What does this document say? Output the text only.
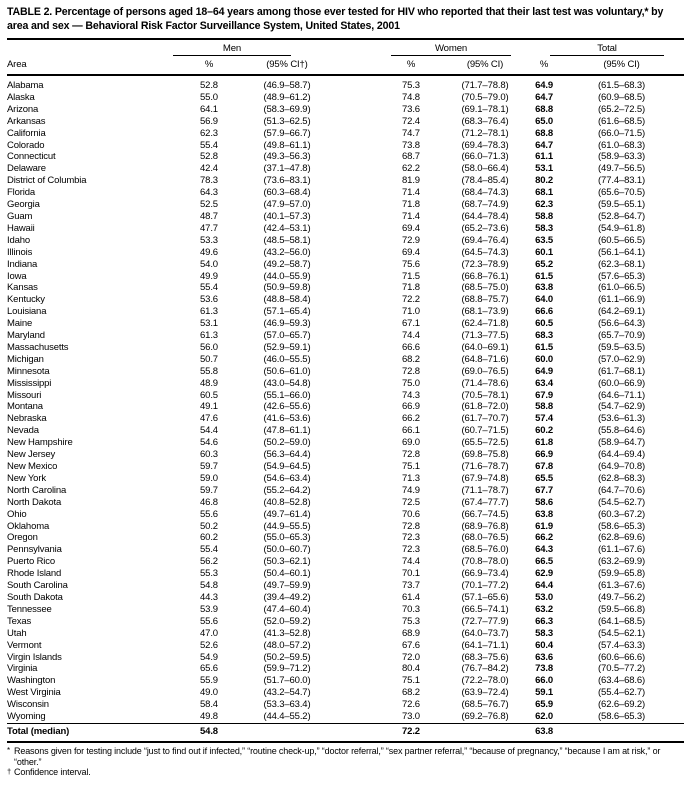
TABLE 2. Percentage of persons aged 18–64 years among those ever tested for HIV who reported that their last test was voluntary,* by area and sex — Behavioral Risk Factor Surveillance System, United States, 2001

	Men			Women		Total	

Area	%	(95% CI†)		%	(95% CI)	%	(95% CI)
Alabama	52.8	(46.9–58.7)		75.3	(71.7–78.8)	64.9	(61.5–68.3)
Alaska	55.0	(48.9–61.2)		74.8	(70.5–79.0)	64.7	(60.9–68.5)
Arizona	64.1	(58.3–69.9)		73.6	(69.1–78.1)	68.8	(65.2–72.5)
Arkansas	56.9	(51.3–62.5)		72.4	(68.3–76.4)	65.0	(61.6–68.5)
California	62.3	(57.9–66.7)		74.7	(71.2–78.1)	68.8	(66.0–71.5)
Colorado	55.4	(49.8–61.1)		73.8	(69.4–78.3)	64.7	(61.0–68.3)
Connecticut	52.8	(49.3–56.3)		68.7	(66.0–71.3)	61.1	(58.9–63.3)
Delaware	42.4	(37.1–47.8)		62.2	(58.0–66.4)	53.1	(49.7–56.5)
District of Columbia	78.3	(73.6–83.1)		81.9	(78.4–85.4)	80.2	(77.4–83.1)
Florida	64.3	(60.3–68.4)		71.4	(68.4–74.3)	68.1	(65.6–70.5)
Georgia	52.5	(47.9–57.0)		71.8	(68.7–74.9)	62.3	(59.5–65.1)
Guam	48.7	(40.1–57.3)		71.4	(64.4–78.4)	58.8	(52.8–64.7)
Hawaii	47.7	(42.4–53.1)		69.4	(65.2–73.6)	58.3	(54.9–61.8)
Idaho	53.3	(48.5–58.1)		72.9	(69.4–76.4)	63.5	(60.5–66.5)
Illinois	49.6	(43.2–56.0)		69.4	(64.5–74.3)	60.1	(56.1–64.1)
Indiana	54.0	(49.2–58.7)		75.6	(72.3–78.9)	65.2	(62.3–68.1)
Iowa	49.9	(44.0–55.9)		71.5	(66.8–76.1)	61.5	(57.6–65.3)
Kansas	55.4	(50.9–59.8)		71.8	(68.5–75.0)	63.8	(61.0–66.5)
Kentucky	53.6	(48.8–58.4)		72.2	(68.8–75.7)	64.0	(61.1–66.9)
Louisiana	61.3	(57.1–65.4)		71.0	(68.1–73.9)	66.6	(64.2–69.1)
Maine	53.1	(46.9–59.3)		67.1	(62.4–71.8)	60.5	(56.6–64.3)
Maryland	61.3	(57.0–65.7)		74.4	(71.3–77.5)	68.3	(65.7–70.9)
Massachusetts	56.0	(52.9–59.1)		66.6	(64.0–69.1)	61.5	(59.5–63.5)
Michigan	50.7	(46.0–55.5)		68.2	(64.8–71.6)	60.0	(57.0–62.9)
Minnesota	55.8	(50.6–61.0)		72.8	(69.0–76.5)	64.9	(61.7–68.1)
Mississippi	48.9	(43.0–54.8)		75.0	(71.4–78.6)	63.4	(60.0–66.9)
Missouri	60.5	(55.1–66.0)		74.3	(70.5–78.1)	67.9	(64.6–71.1)
Montana	49.1	(42.6–55.6)		66.9	(61.8–72.0)	58.8	(54.7–62.9)
Nebraska	47.6	(41.6–53.6)		66.2	(61.7–70.7)	57.4	(53.6–61.3)
Nevada	54.4	(47.8–61.1)		66.1	(60.7–71.5)	60.2	(55.8–64.6)
New Hampshire	54.6	(50.2–59.0)		69.0	(65.5–72.5)	61.8	(58.9–64.7)
New Jersey	60.3	(56.3–64.4)		72.8	(69.8–75.8)	66.9	(64.4–69.4)
New Mexico	59.7	(54.9–64.5)		75.1	(71.6–78.7)	67.8	(64.9–70.8)
New York	59.0	(54.6–63.4)		71.3	(67.9–74.8)	65.5	(62.8–68.3)
North Carolina	59.7	(55.2–64.2)		74.9	(71.1–78.7)	67.7	(64.7–70.6)
North Dakota	46.8	(40.8–52.8)		72.5	(67.4–77.7)	58.6	(54.5–62.7)
Ohio	55.6	(49.7–61.4)		70.6	(66.7–74.5)	63.8	(60.3–67.2)
Oklahoma	50.2	(44.9–55.5)		72.8	(68.9–76.8)	61.9	(58.6–65.3)
Oregon	60.2	(55.0–65.3)		72.3	(68.0–76.5)	66.2	(62.8–69.6)
Pennsylvania	55.4	(50.0–60.7)		72.3	(68.5–76.0)	64.3	(61.1–67.6)
Puerto Rico	56.2	(50.3–62.1)		74.4	(70.8–78.0)	66.5	(63.2–69.9)
Rhode Island	55.3	(50.4–60.1)		70.1	(66.9–73.4)	62.9	(59.9–65.8)
South Carolina	54.8	(49.7–59.9)		73.7	(70.1–77.2)	64.4	(61.3–67.6)
South Dakota	44.3	(39.4–49.2)		61.4	(57.1–65.6)	53.0	(49.7–56.2)
Tennessee	53.9	(47.4–60.4)		70.3	(66.5–74.1)	63.2	(59.5–66.8)
Texas	55.6	(52.0–59.2)		75.3	(72.7–77.9)	66.3	(64.1–68.5)
Utah	47.0	(41.3–52.8)		68.9	(64.0–73.7)	58.3	(54.5–62.1)
Vermont	52.6	(48.0–57.2)		67.6	(64.1–71.1)	60.4	(57.4–63.3)
Virgin Islands	54.9	(50.2–59.5)		72.0	(68.3–75.6)	63.6	(60.6–66.6)
Virginia	65.6	(59.9–71.2)		80.4	(76.7–84.2)	73.8	(70.5–77.2)
Washington	55.9	(51.7–60.0)		75.1	(72.2–78.0)	66.0	(63.4–68.6)
West Virginia	49.0	(43.2–54.7)		68.2	(63.9–72.4)	59.1	(55.4–62.7)
Wisconsin	58.4	(53.3–63.4)		72.6	(68.5–76.7)	65.9	(62.6–69.2)
Wyoming	49.8	(44.4–55.2)		73.0	(69.2–76.8)	62.0	(58.6–65.3)
Total (median)	54.8			72.2		63.8	
* Reasons given for testing include “just to find out if infected,” “routine check-up,” “doctor referral,” “sex partner referral,” “because of pregnancy,” “because I am at risk,” or “other.”
† Confidence interval.
